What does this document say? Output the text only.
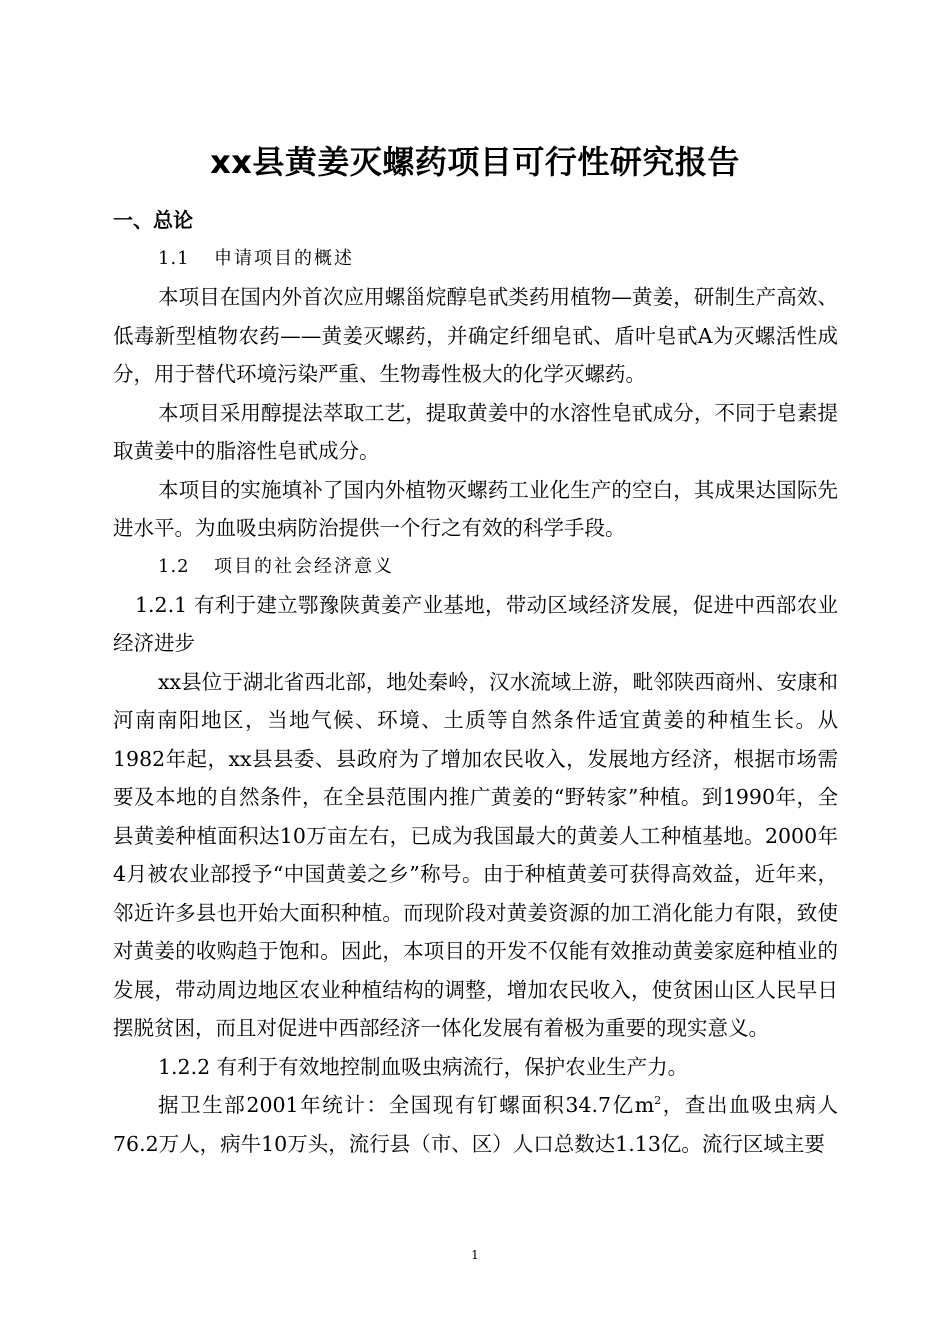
xx县黄姜灭螺药项目可行性研究报告
一、总论
1.1 申请项目的概述

本项目在国内外首次应用螺甾烷醇皂甙类药用植物—黄姜，研制生产高效、低毒新型植物农药——黄姜灭螺药，并确定纤细皂甙、盾叶皂甙A为灭螺活性成分，用于替代环境污染严重、生物毒性极大的化学灭螺药。

本项目采用醇提法萃取工艺，提取黄姜中的水溶性皂甙成分，不同于皂素提取黄姜中的脂溶性皂甙成分。

本项目的实施填补了国内外植物灭螺药工业化生产的空白，其成果达国际先进水平。为血吸虫病防治提供一个行之有效的科学手段。

1.2 项目的社会经济意义

1.2.1 有利于建立鄂豫陕黄姜产业基地，带动区域经济发展，促进中西部农业经济进步

xx县位于湖北省西北部，地处秦岭，汉水流域上游，毗邻陕西商州、安康和河南南阳地区，当地气候、环境、土质等自然条件适宜黄姜的种植生长。从1982年起，xx县县委、县政府为了增加农民收入，发展地方经济，根据市场需要及本地的自然条件，在全县范围内推广黄姜的“野转家”种植。到1990年，全县黄姜种植面积达10万亩左右，已成为我国最大的黄姜人工种植基地。2000年4月被农业部授予“中国黄姜之乡”称号。由于种植黄姜可获得高效益，近年来，邻近许多县也开始大面积种植。而现阶段对黄姜资源的加工消化能力有限，致使对黄姜的收购趋于饱和。因此，本项目的开发不仅能有效推动黄姜家庭种植业的发展，带动周边地区农业种植结构的调整，增加农民收入，使贫困山区人民早日摆脱贫困，而且对促进中西部经济一体化发展有着极为重要的现实意义。

1.2.2 有利于有效地控制血吸虫病流行，保护农业生产力。

据卫生部2001年统计：全国现有钉螺面积34.7亿$m^2$，查出血吸虫病人76.2万人，病牛10万头，流行县（市、区）人口总数达1.13亿。流行区域主要

1
